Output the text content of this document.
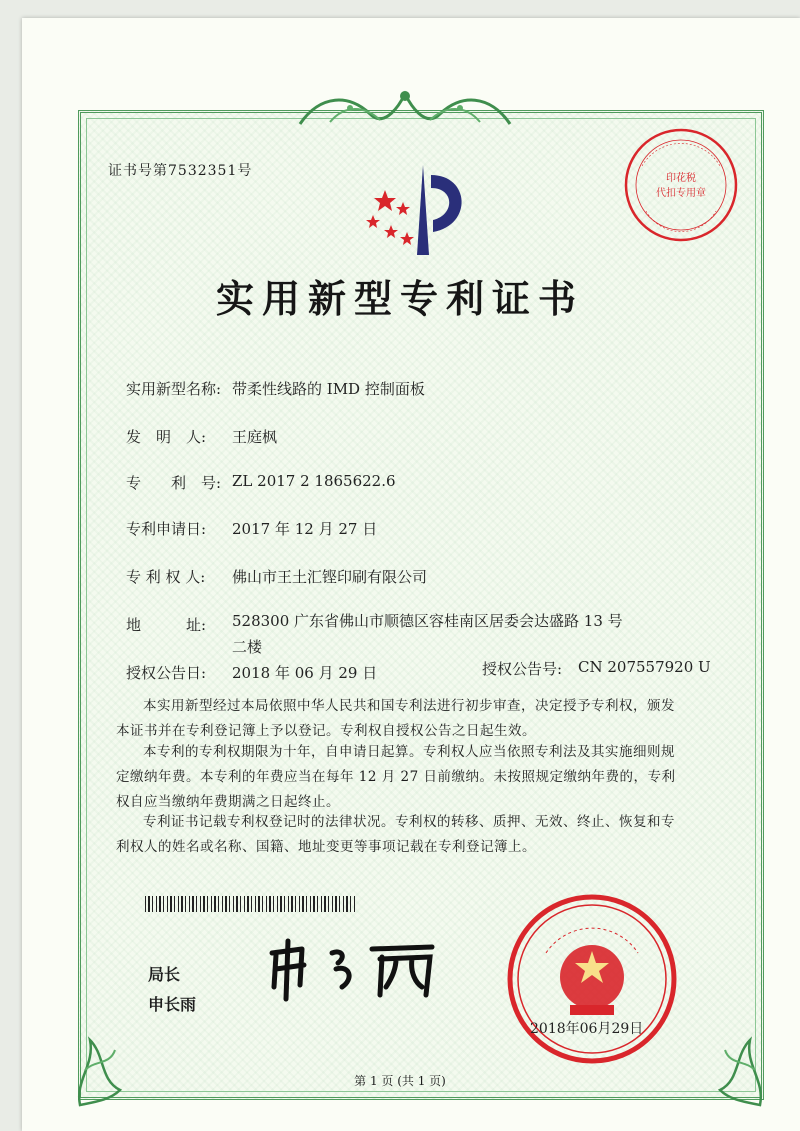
证书号第7532351号	印花税
代扣专用章
实用新型专利证书
实用新型名称: 带柔性线路的 IMD 控制面板
发　明　人: 王庭枫
专　　利　号: ZL 2017 2 1865622.6
专利申请日: 2017 年 12 月 27 日
专 利 权 人: 佛山市王土汇铿印刷有限公司
地　　　址: 528300 广东省佛山市顺德区容桂南区居委会达盛路 13 号
二楼
授权公告日: 2018 年 06 月 29 日	授权公告号: CN 207557920 U
本实用新型经过本局依照中华人民共和国专利法进行初步审查，决定授予专利权，颁发本证书并在专利登记簿上予以登记。专利权自授权公告之日起生效。
本专利的专利权期限为十年，自申请日起算。专利权人应当依照专利法及其实施细则规定缴纳年费。本专利的年费应当在每年 12 月 27 日前缴纳。未按照规定缴纳年费的，专利权自应当缴纳年费期满之日起终止。
专利证书记载专利权登记时的法律状况。专利权的转移、质押、无效、终止、恢复和专利权人的姓名或名称、国籍、地址变更等事项记载在专利登记簿上。
局长
申长雨
2018年06月29日
第 1 页 (共 1 页)
